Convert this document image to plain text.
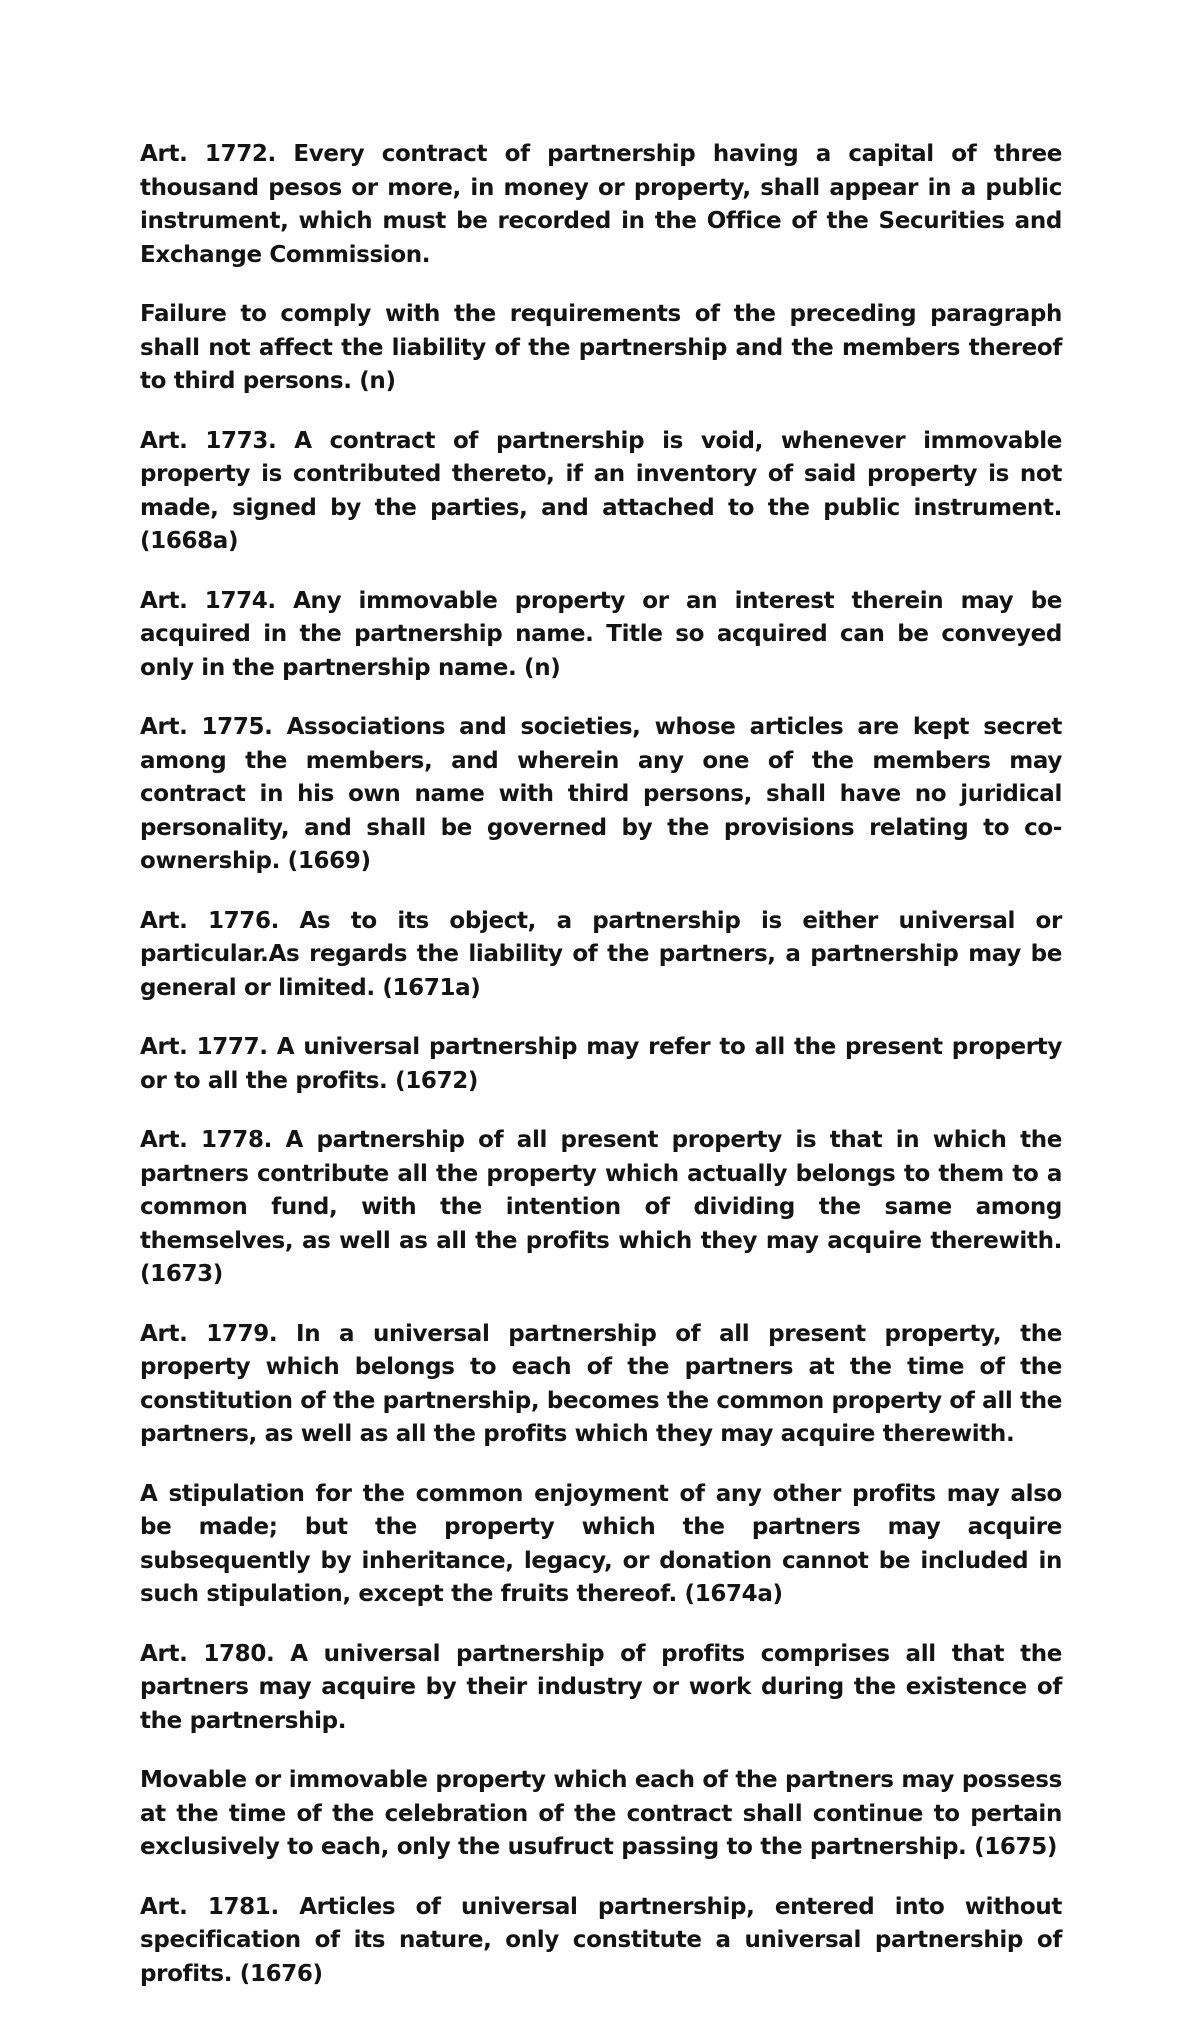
Art. 1772. Every contract of partnership having a capital of three thousand pesos or more, in money or property, shall appear in a public instrument, which must be recorded in the Office of the Securities and Exchange Commission.

Failure to comply with the requirements of the preceding paragraph shall not affect the liability of the partnership and the members thereof to third persons. (n)

Art. 1773. A contract of partnership is void, whenever immovable property is contributed thereto, if an inventory of said property is not made, signed by the parties, and attached to the public instrument. (1668a)

Art. 1774. Any immovable property or an interest therein may be acquired in the partnership name. Title so acquired can be conveyed only in the partnership name. (n)

Art. 1775. Associations and societies, whose articles are kept secret among the members, and wherein any one of the members may contract in his own name with third persons, shall have no juridical personality, and shall be governed by the provisions relating to co-ownership. (1669)

Art. 1776. As to its object, a partnership is either universal or particular.As regards the liability of the partners, a partnership may be general or limited. (1671a)

Art. 1777. A universal partnership may refer to all the present property or to all the profits. (1672)

Art. 1778. A partnership of all present property is that in which the partners contribute all the property which actually belongs to them to a common fund, with the intention of dividing the same among themselves, as well as all the profits which they may acquire therewith. (1673)

Art. 1779. In a universal partnership of all present property, the property which belongs to each of the partners at the time of the constitution of the partnership, becomes the common property of all the partners, as well as all the profits which they may acquire therewith.

A stipulation for the common enjoyment of any other profits may also be made; but the property which the partners may acquire subsequently by inheritance, legacy, or donation cannot be included in such stipulation, except the fruits thereof. (1674a)

Art. 1780. A universal partnership of profits comprises all that the partners may acquire by their industry or work during the existence of the partnership.

Movable or immovable property which each of the partners may possess at the time of the celebration of the contract shall continue to pertain exclusively to each, only the usufruct passing to the partnership. (1675)

Art. 1781. Articles of universal partnership, entered into without specification of its nature, only constitute a universal partnership of profits. (1676)
